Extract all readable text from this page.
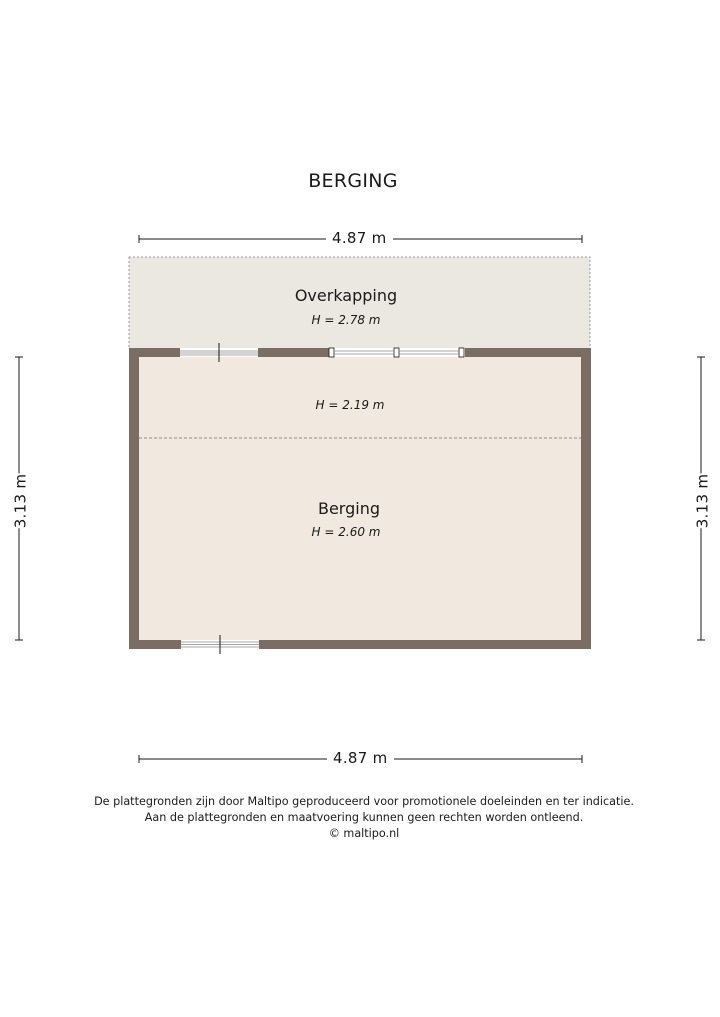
BERGING
4.87 m
4.87 m
3.13 m	3.13 m
Overkapping
H = 2.78 m
H = 2.19 m
Berging
H = 2.60 m
De plattegronden zijn door Maltipo geproduceerd voor promotionele doeleinden en ter indicatie.
Aan de plattegronden en maatvoering kunnen geen rechten worden ontleend.
© maltipo.nl
